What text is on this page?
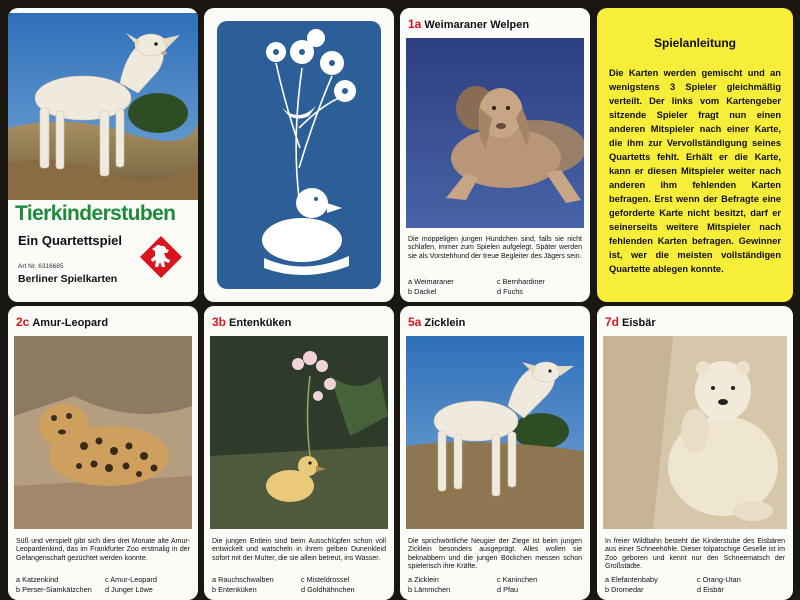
Tierkinderstuben
Ein Quartettspiel
Art Nr. 6316685
Berliner Spielkarten
1a Weimaraner Welpen

Die moppeligen jungen Hundchen sind, falls sie nicht schlafen, immer zum Spielen aufgelegt. Später werden sie als Vorstehhund der treue Begleiter des Jägers sein.

a Weimaraner	c Bernhardiner
b Dackel	d Fuchs
Spielanleitung

Die Karten werden gemischt und an wenigstens 3 Spieler gleichmäßig verteilt. Der links vom Kartengeber sitzende Spieler fragt nun einen anderen Mitspieler nach einer Karte, die ihm zur Vervollständigung seines Quartetts fehlt. Erhält er die Karte, kann er diesen Mitspieler weiter nach anderen ihm fehlenden Karten befragen. Erst wenn der Befragte eine geforderte Karte nicht besitzt, darf er seinerseits weitere Mitspieler nach fehlenden Karten befragen. Gewinner ist, wer die meisten vollständigen Quartette ablegen konnte.

2c Amur-Leopard

Süß und verspielt gibt sich dies drei Monate alte Amur-Leopardenkind, das im Frankfurter Zoo erstmalig in der Gefangenschaft gezüchtet werden konnte.

a Katzenkind	c Amur-Leopard
b Perser-Siamkätzchen	d Junger Löwe
3b Entenküken

Die jungen Entlein sind beim Ausschlüpfen schon voll entwickelt und watscheln in ihrem gelben Dunenkleid sofort mit der Mutter, die sie allein betreut, ins Wasser.

a Rauchschwalben	c Misteldrossel
b Entenküken	d Goldhähnchen
5a Zicklein

Die sprichwörtliche Neugier der Ziege ist beim jungen Zicklein besonders ausgeprägt. Alles wollen sie beknabbern und die jungen Böckchen messen schon spielerisch ihre Kräfte.

a Zicklein	c Kaninchen
b Lämmchen	d Pfau
7d Eisbär

In freier Wildbahn besteht die Kinderstube des Eisbären aus einer Schneehöhle. Dieser tolpatschige Geselle ist im Zoo geboren und kennt nur den Schneematsch der Großstädte.

a Elefantenbaby	c Orang-Utan
b Dromedar	d Eisbär
